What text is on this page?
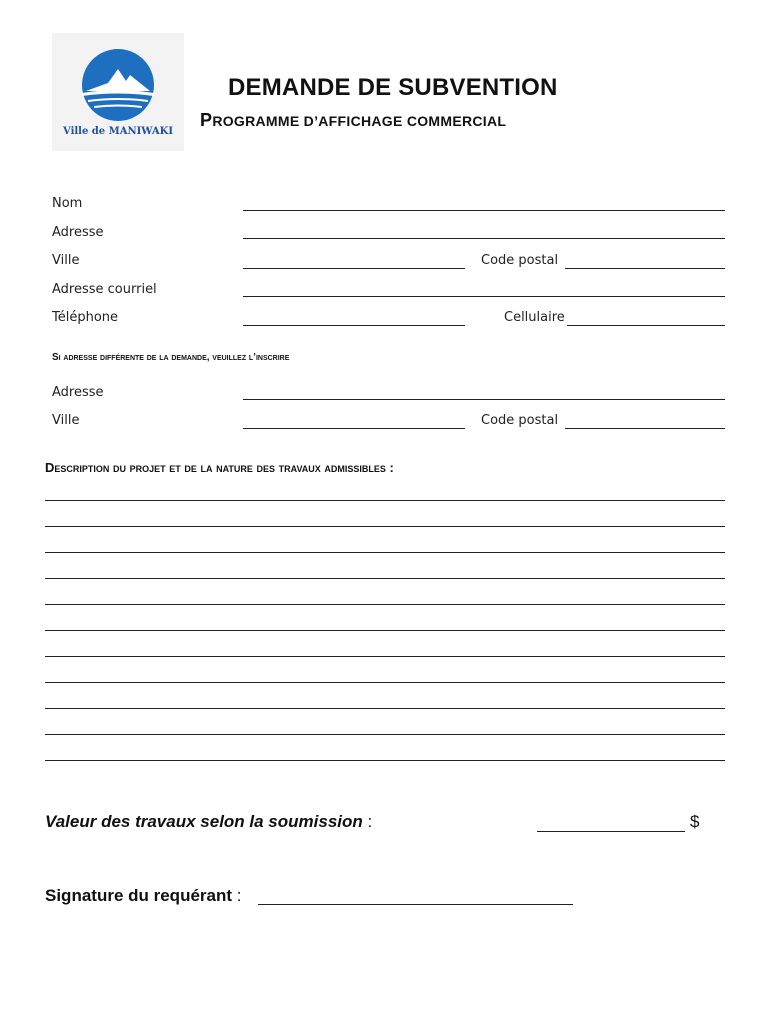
Ville de MANIWAKI
DEMANDE DE SUBVENTION
PROGRAMME D’AFFICHAGE COMMERCIAL
Nom
Adresse
Ville	Code postal
Adresse courriel
Téléphone	Cellulaire
Si adresse différente de la demande, veuillez l’inscrire
Adresse
Ville	Code postal
Description du projet et de la nature des travaux admissibles :
Valeur des travaux selon la soumission :	$
Signature du requérant :
